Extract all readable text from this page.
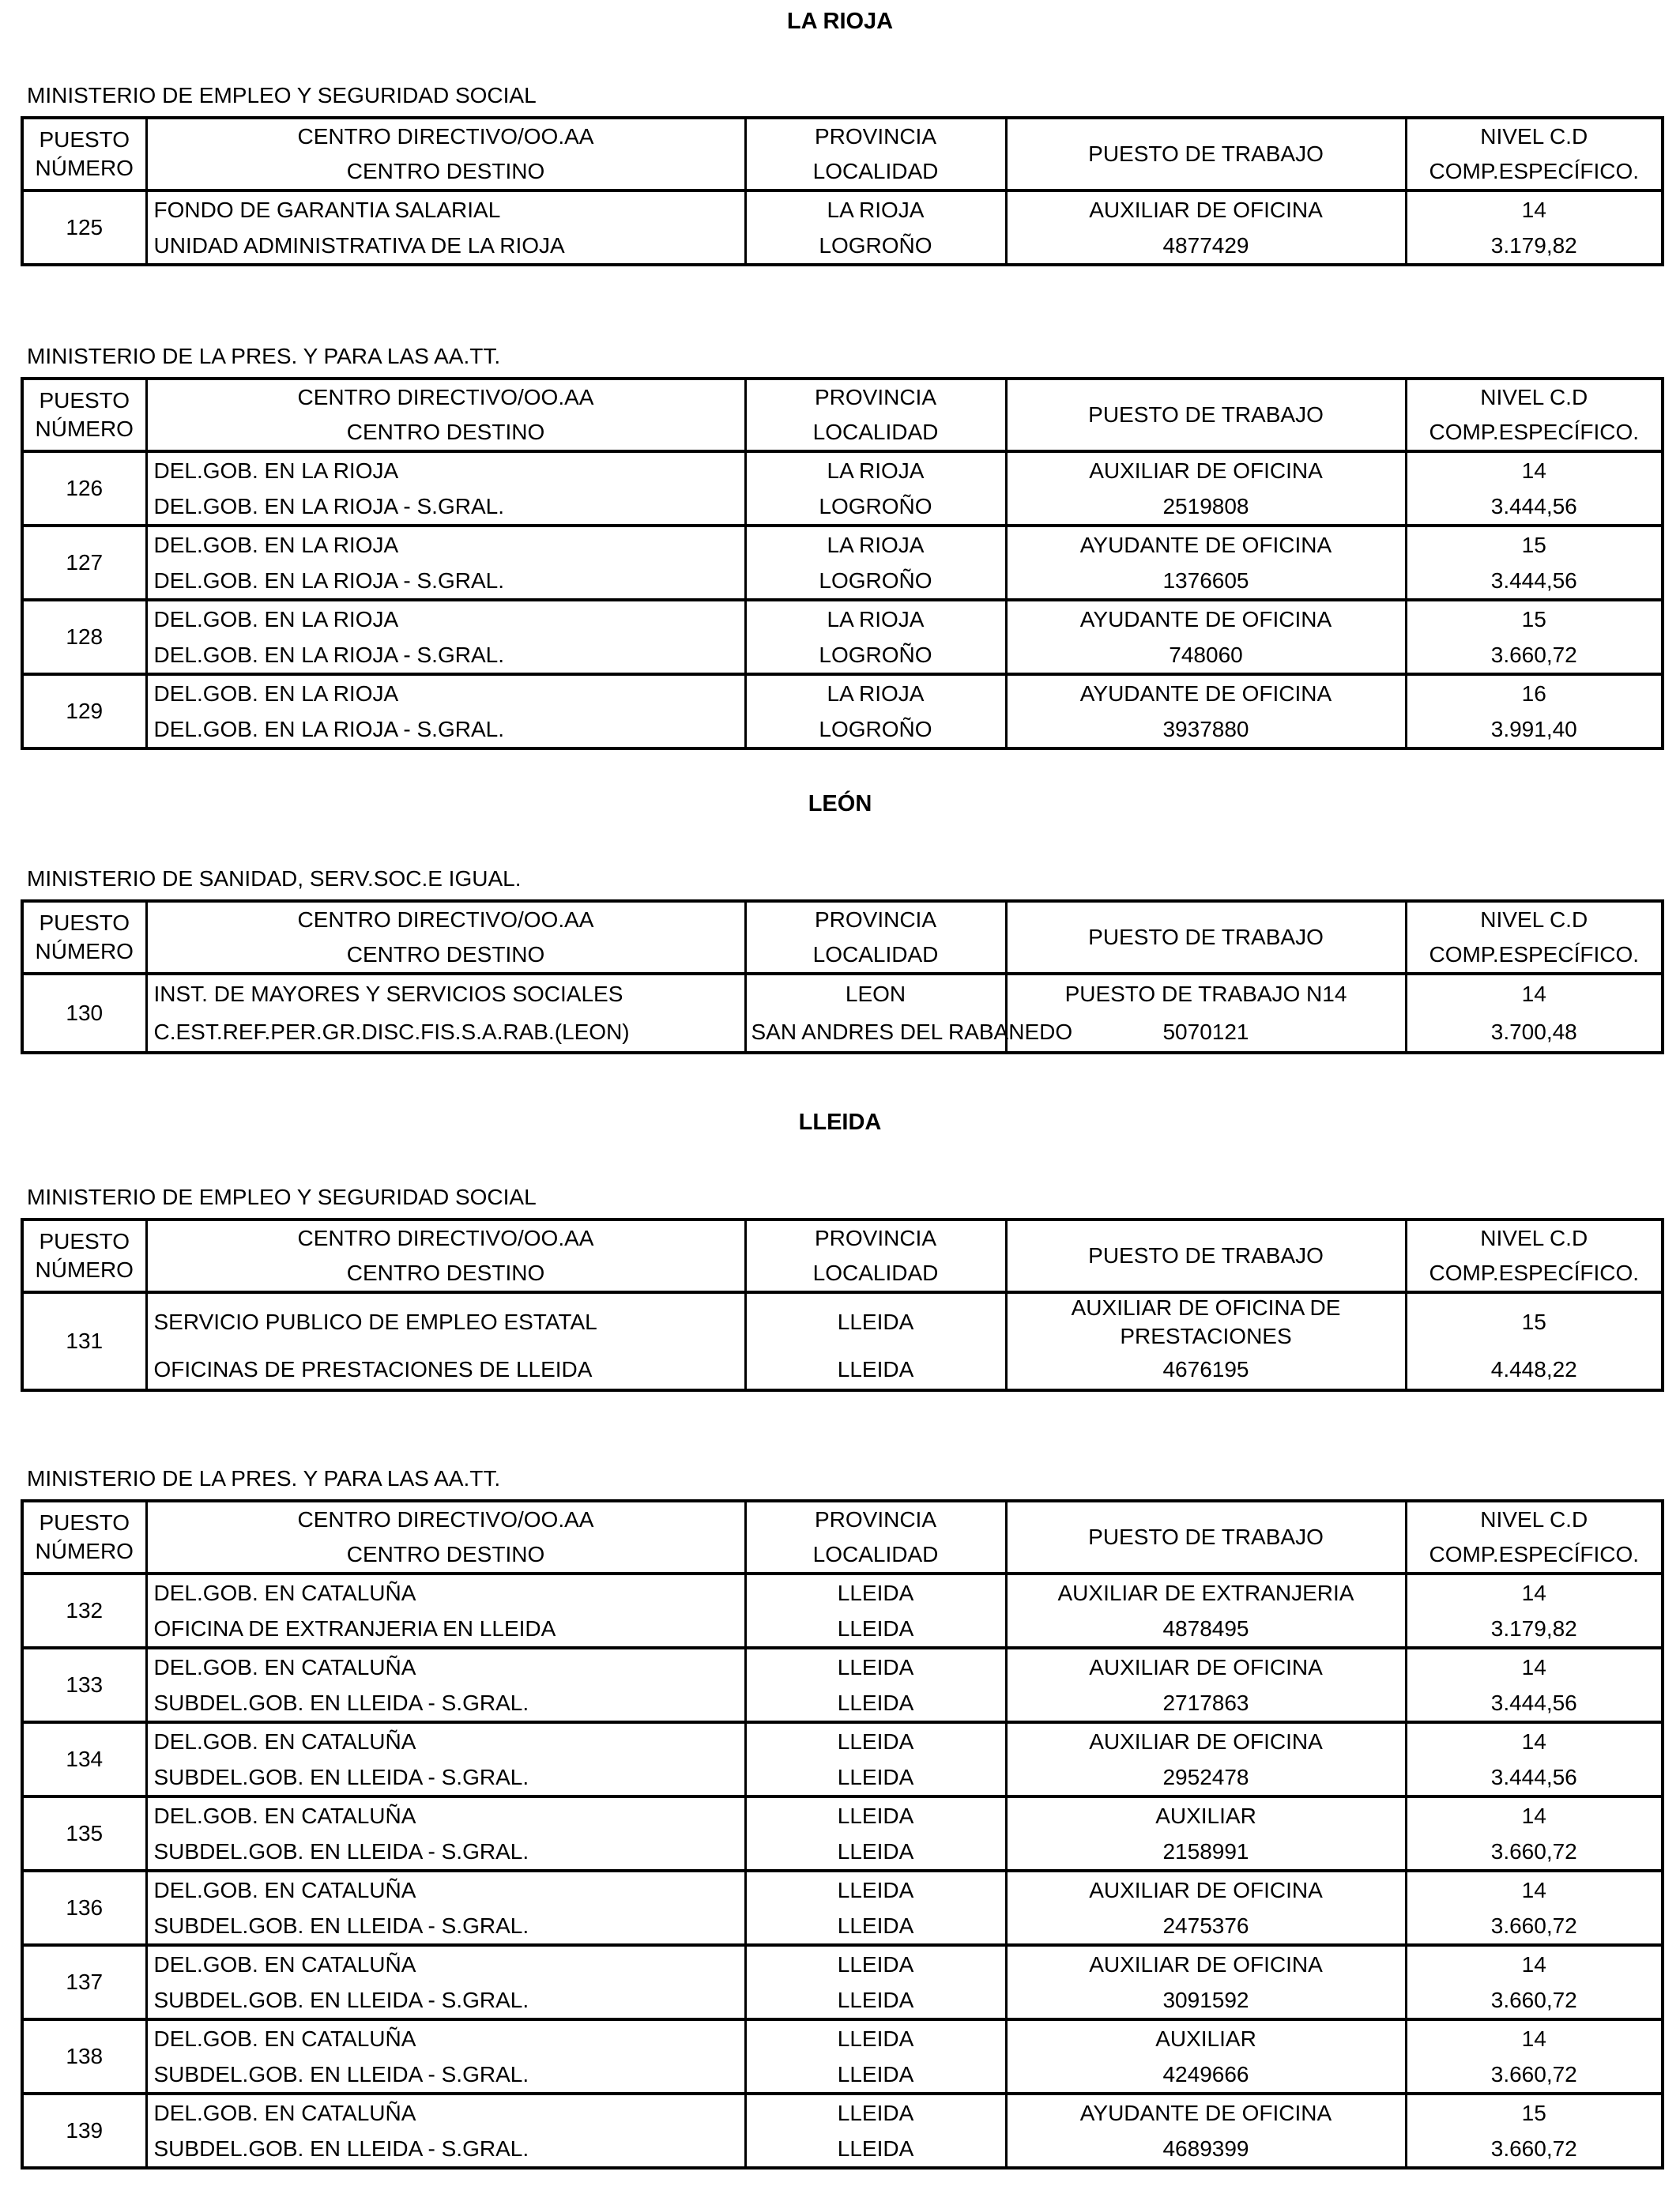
LA RIOJA
LEÓN
LLEIDA
MINISTERIO DE EMPLEO Y SEGURIDAD SOCIAL
MINISTERIO DE LA PRES. Y PARA LAS AA.TT.
MINISTERIO DE SANIDAD, SERV.SOC.E IGUAL.
MINISTERIO DE EMPLEO Y SEGURIDAD SOCIAL
MINISTERIO DE LA PRES. Y PARA LAS AA.TT.
PUESTO
NÚMERO	CENTRO DIRECTIVO/OO.AA	PROVINCIA	PUESTO DE TRABAJO	NIVEL C.D
	CENTRO DESTINO	LOCALIDAD		COMP.ESPECÍFICO.
125	FONDO DE GARANTIA SALARIAL	LA RIOJA	AUXILIAR DE OFICINA	14
	UNIDAD ADMINISTRATIVA DE LA RIOJA	LOGROÑO	4877429	3.179,82
PUESTO
NÚMERO	CENTRO DIRECTIVO/OO.AA	PROVINCIA	PUESTO DE TRABAJO	NIVEL C.D
	CENTRO DESTINO	LOCALIDAD		COMP.ESPECÍFICO.
126	DEL.GOB. EN LA RIOJA	LA RIOJA	AUXILIAR DE OFICINA	14
	DEL.GOB. EN LA RIOJA - S.GRAL.	LOGROÑO	2519808	3.444,56
127	DEL.GOB. EN LA RIOJA	LA RIOJA	AYUDANTE DE OFICINA	15
	DEL.GOB. EN LA RIOJA - S.GRAL.	LOGROÑO	1376605	3.444,56
128	DEL.GOB. EN LA RIOJA	LA RIOJA	AYUDANTE DE OFICINA	15
	DEL.GOB. EN LA RIOJA - S.GRAL.	LOGROÑO	748060	3.660,72
129	DEL.GOB. EN LA RIOJA	LA RIOJA	AYUDANTE DE OFICINA	16
	DEL.GOB. EN LA RIOJA - S.GRAL.	LOGROÑO	3937880	3.991,40
PUESTO
NÚMERO	CENTRO DIRECTIVO/OO.AA	PROVINCIA	PUESTO DE TRABAJO	NIVEL C.D
	CENTRO DESTINO	LOCALIDAD		COMP.ESPECÍFICO.
130	INST. DE MAYORES Y SERVICIOS SOCIALES	LEON	PUESTO DE TRABAJO N14	14
	C.EST.REF.PER.GR.DISC.FIS.S.A.RAB.(LEON)	SAN ANDRES DEL RABANEDO	5070121	3.700,48
PUESTO
NÚMERO	CENTRO DIRECTIVO/OO.AA	PROVINCIA	PUESTO DE TRABAJO	NIVEL C.D
	CENTRO DESTINO	LOCALIDAD		COMP.ESPECÍFICO.
131	SERVICIO PUBLICO DE EMPLEO ESTATAL	LLEIDA	AUXILIAR DE OFICINA DE PRESTACIONES	15
	OFICINAS DE PRESTACIONES DE LLEIDA	LLEIDA	4676195	4.448,22
PUESTO
NÚMERO	CENTRO DIRECTIVO/OO.AA	PROVINCIA	PUESTO DE TRABAJO	NIVEL C.D
	CENTRO DESTINO	LOCALIDAD		COMP.ESPECÍFICO.
132	DEL.GOB. EN CATALUÑA	LLEIDA	AUXILIAR DE EXTRANJERIA	14
	OFICINA DE EXTRANJERIA EN LLEIDA	LLEIDA	4878495	3.179,82
133	DEL.GOB. EN CATALUÑA	LLEIDA	AUXILIAR DE OFICINA	14
	SUBDEL.GOB. EN LLEIDA - S.GRAL.	LLEIDA	2717863	3.444,56
134	DEL.GOB. EN CATALUÑA	LLEIDA	AUXILIAR DE OFICINA	14
	SUBDEL.GOB. EN LLEIDA - S.GRAL.	LLEIDA	2952478	3.444,56
135	DEL.GOB. EN CATALUÑA	LLEIDA	AUXILIAR	14
	SUBDEL.GOB. EN LLEIDA - S.GRAL.	LLEIDA	2158991	3.660,72
136	DEL.GOB. EN CATALUÑA	LLEIDA	AUXILIAR DE OFICINA	14
	SUBDEL.GOB. EN LLEIDA - S.GRAL.	LLEIDA	2475376	3.660,72
137	DEL.GOB. EN CATALUÑA	LLEIDA	AUXILIAR DE OFICINA	14
	SUBDEL.GOB. EN LLEIDA - S.GRAL.	LLEIDA	3091592	3.660,72
138	DEL.GOB. EN CATALUÑA	LLEIDA	AUXILIAR	14
	SUBDEL.GOB. EN LLEIDA - S.GRAL.	LLEIDA	4249666	3.660,72
139	DEL.GOB. EN CATALUÑA	LLEIDA	AYUDANTE DE OFICINA	15
	SUBDEL.GOB. EN LLEIDA - S.GRAL.	LLEIDA	4689399	3.660,72
